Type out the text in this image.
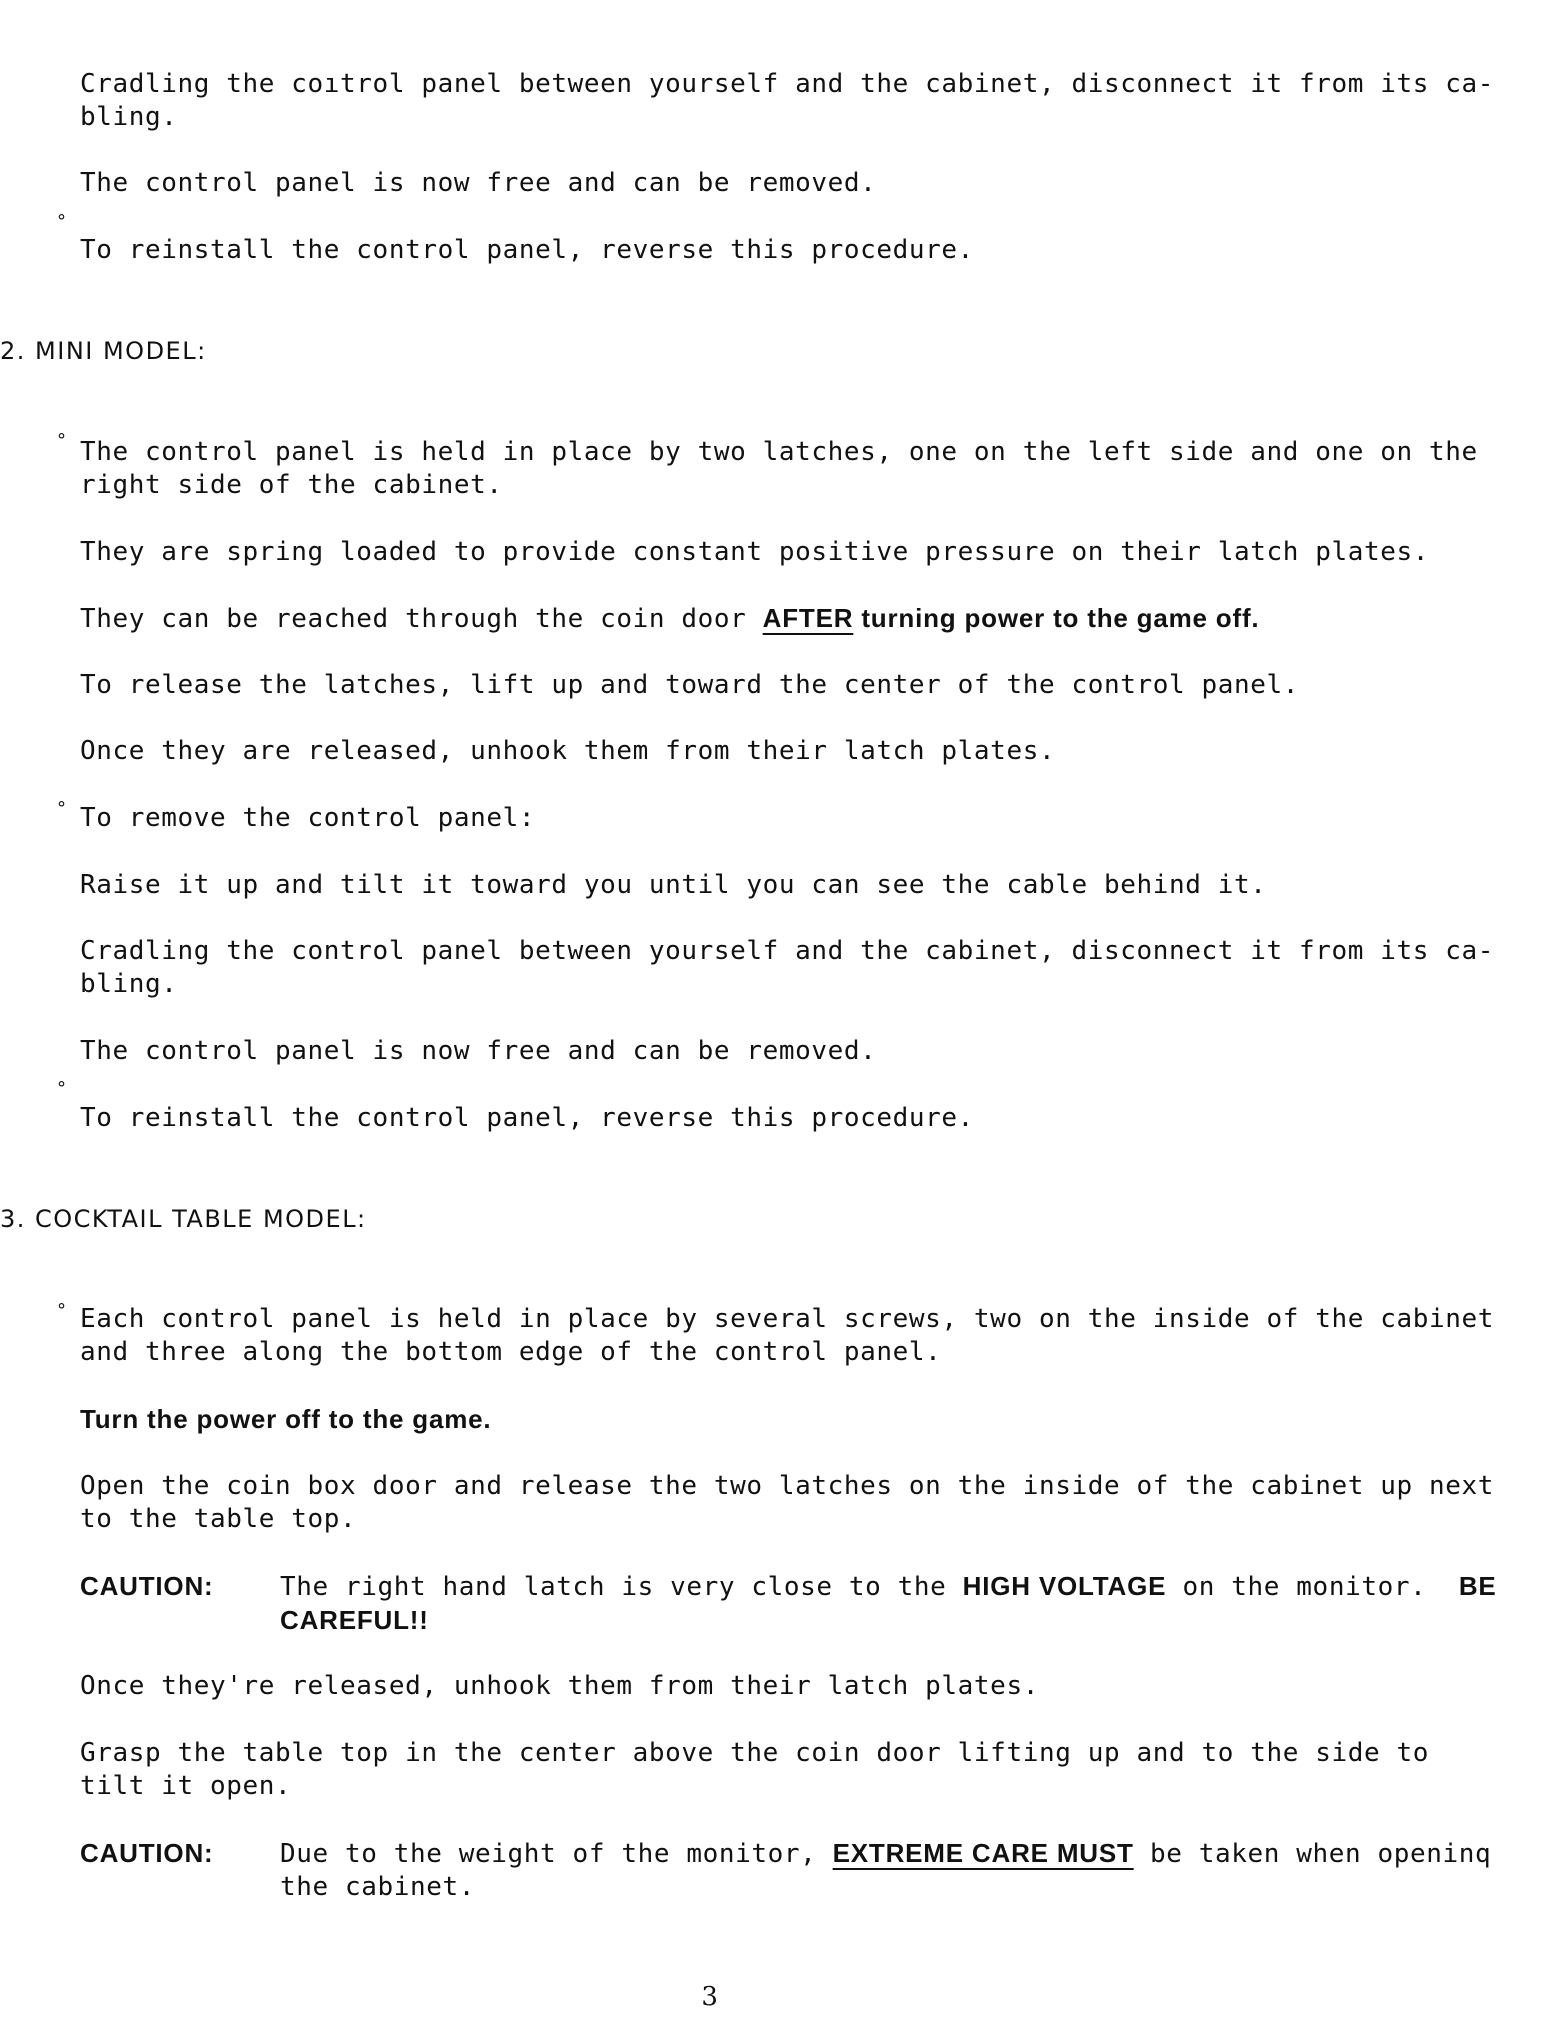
Cradling the coıtrol panel between yourself and the cabinet, disconnect it from its ca-
bling.

The control panel is now free and can be removed.

°

To reinstall the control panel, reverse this procedure.

2. MINI MODEL:

° The control panel is held in place by two latches, one on the left side and one on the
right side of the cabinet.

They are spring loaded to provide constant positive pressure on their latch plates.

They can be reached through the coin door AFTER turning power to the game off.

To release the latches, lift up and toward the center of the control panel.

Once they are released, unhook them from their latch plates.

° To remove the control panel:

Raise it up and tilt it toward you until you can see the cable behind it.

Cradling the control panel between yourself and the cabinet, disconnect it from its ca-
bling.

The control panel is now free and can be removed.

°

To reinstall the control panel, reverse this procedure.

3. COCKTAIL TABLE MODEL:

° Each control panel is held in place by several screws, two on the inside of the cabinet
and three along the bottom edge of the control panel.

Turn the power off to the game.

Open the coin box door and release the two latches on the inside of the cabinet up next
to the table top.

CAUTION:	The right hand latch is very close to the HIGH VOLTAGE on the monitor.  BE
CAREFUL!!

Once they're released, unhook them from their latch plates.

Grasp the table top in the center above the coin door lifting up and to the side to
tilt it open.

CAUTION:	Due to the weight of the monitor, EXTREME CARE MUST be taken when openinq
the cabinet.
3
